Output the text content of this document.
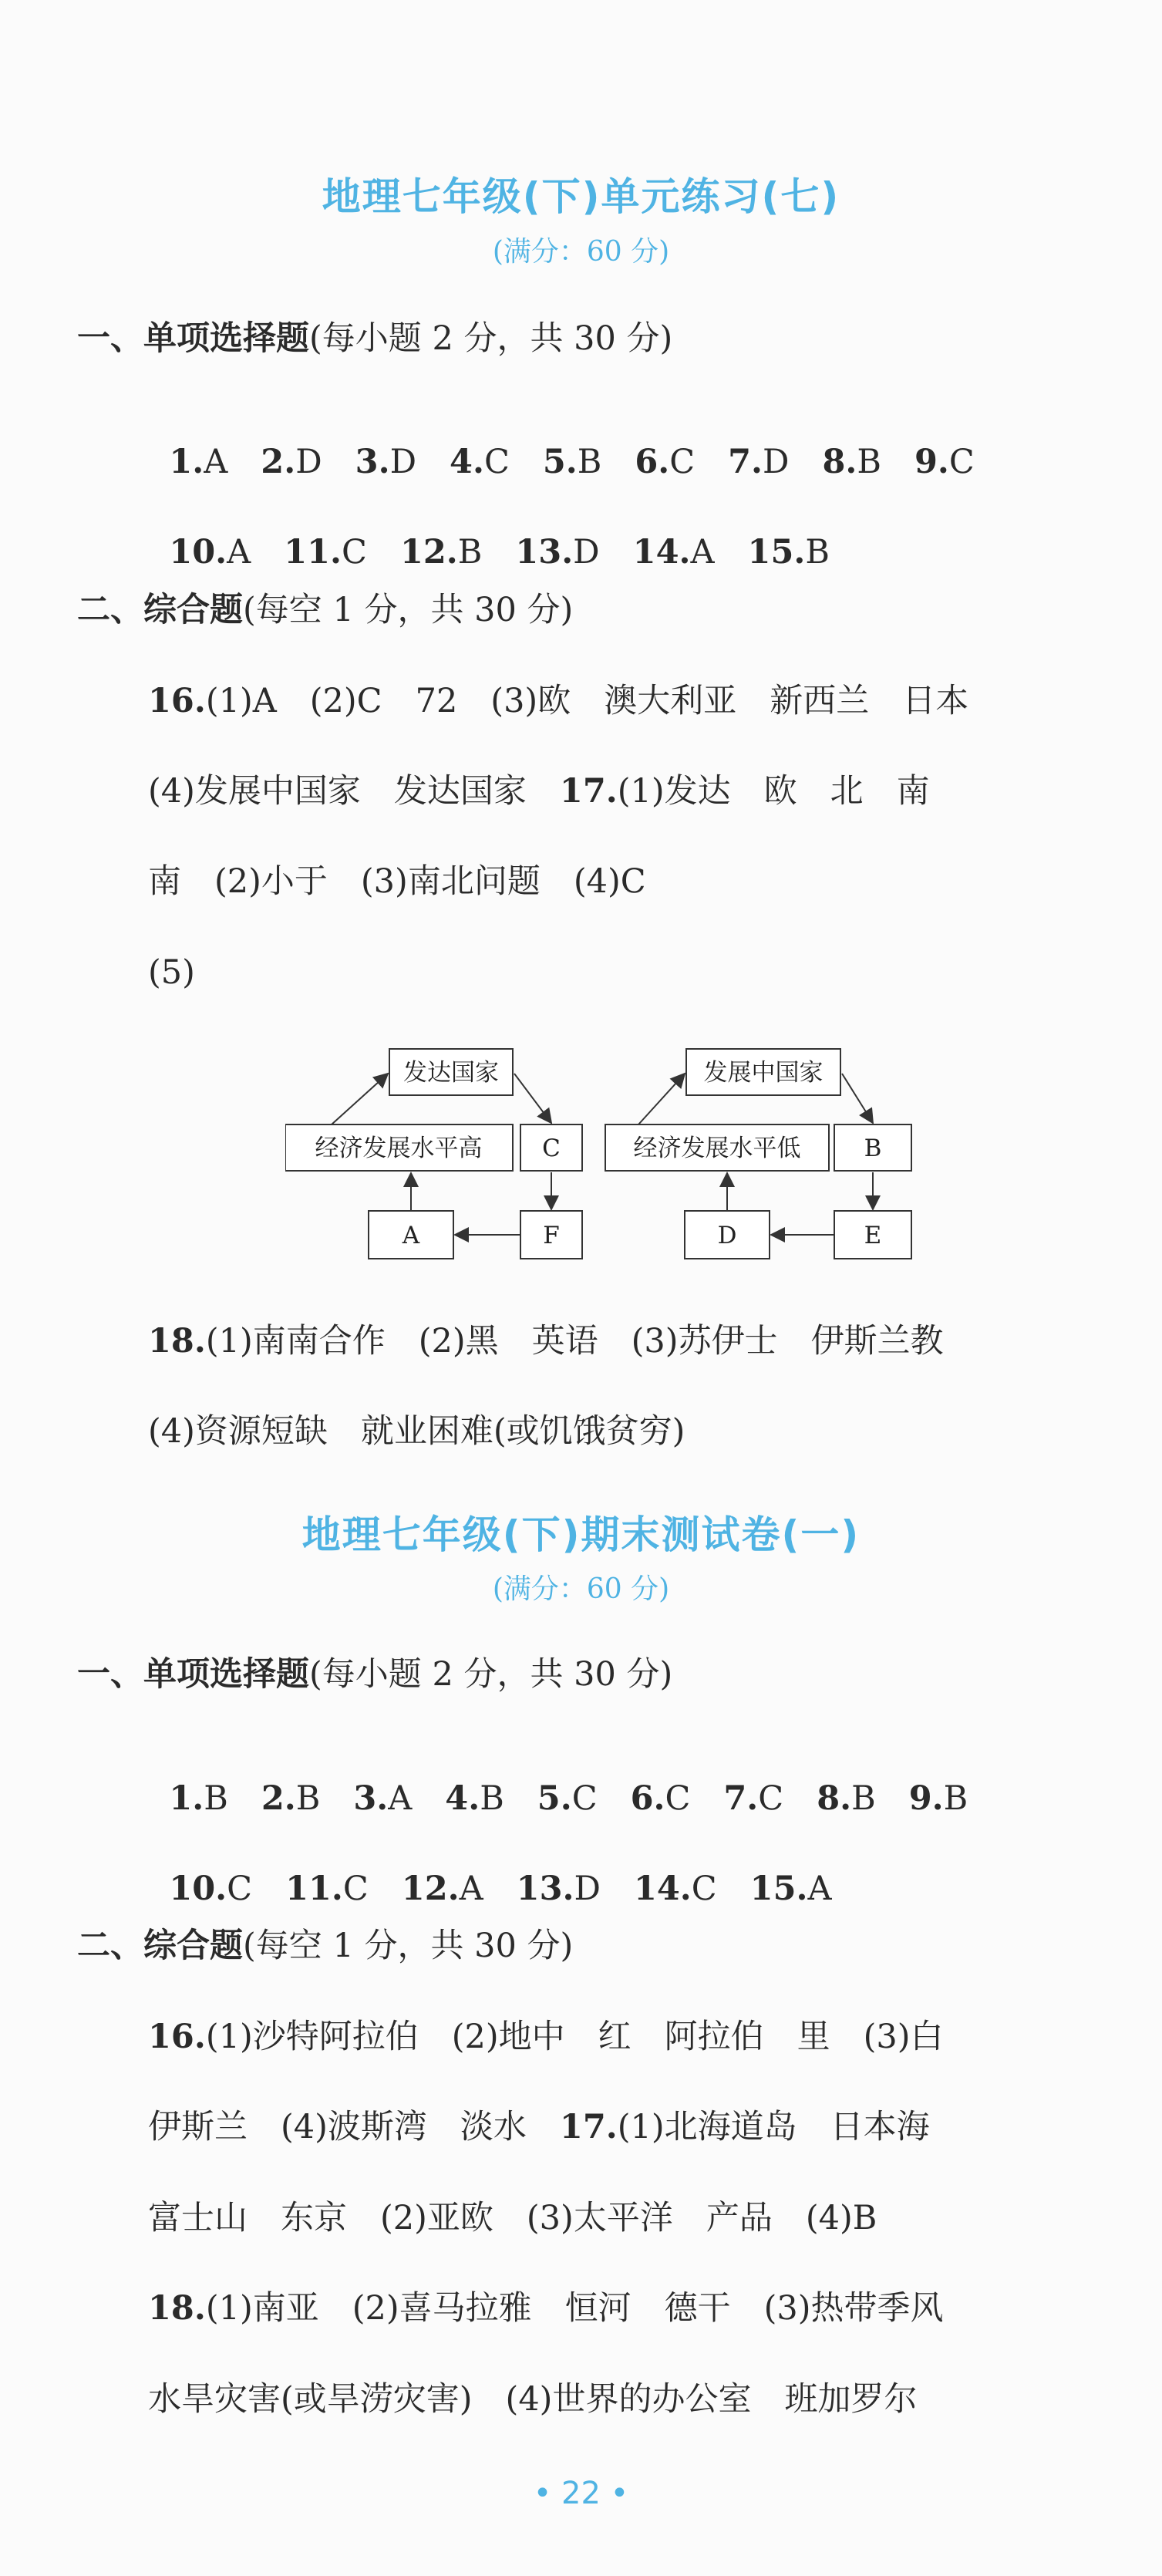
地理七年级(下)单元练习(七)
(满分：60 分)
一、单项选择题(每小题 2 分，共 30 分)

1.A　 2.D　 3.D　 4.C　 5.B　 6.C　 7.D　 8.B　 9.C

10.A　 11.C　 12.B　 13.D　 14.A　 15.B

二、综合题(每空 1 分，共 30 分)
16.(1)A　(2)C　72　(3)欧　澳大利亚　新西兰　日本
(4)发展中国家　发达国家　 17.(1)发达　欧　北　南
南　(2)小于　(3)南北问题　(4)C
(5)
发达国家
经济发展水平高	C
A	F
发展中国家
经济发展水平低	B
D	E
18.(1)南南合作　(2)黑　英语　(3)苏伊士　伊斯兰教
(4)资源短缺　就业困难(或饥饿贫穷)
地理七年级(下)期末测试卷(一)
(满分：60 分)
一、单项选择题(每小题 2 分，共 30 分)

1.B　 2.B　 3.A　 4.B　 5.C　 6.C　 7.C　 8.B　 9.B

10.C　 11.C　 12.A　 13.D　 14.C　 15.A

二、综合题(每空 1 分，共 30 分)
16.(1)沙特阿拉伯　(2)地中　红　阿拉伯　里　(3)白
伊斯兰　(4)波斯湾　淡水　 17.(1)北海道岛　日本海
富士山　东京　(2)亚欧　(3)太平洋　产品　(4)B
18.(1)南亚　(2)喜马拉雅　恒河　德干　(3)热带季风
水旱灾害(或旱涝灾害)　(4)世界的办公室　班加罗尔
• 22 •
